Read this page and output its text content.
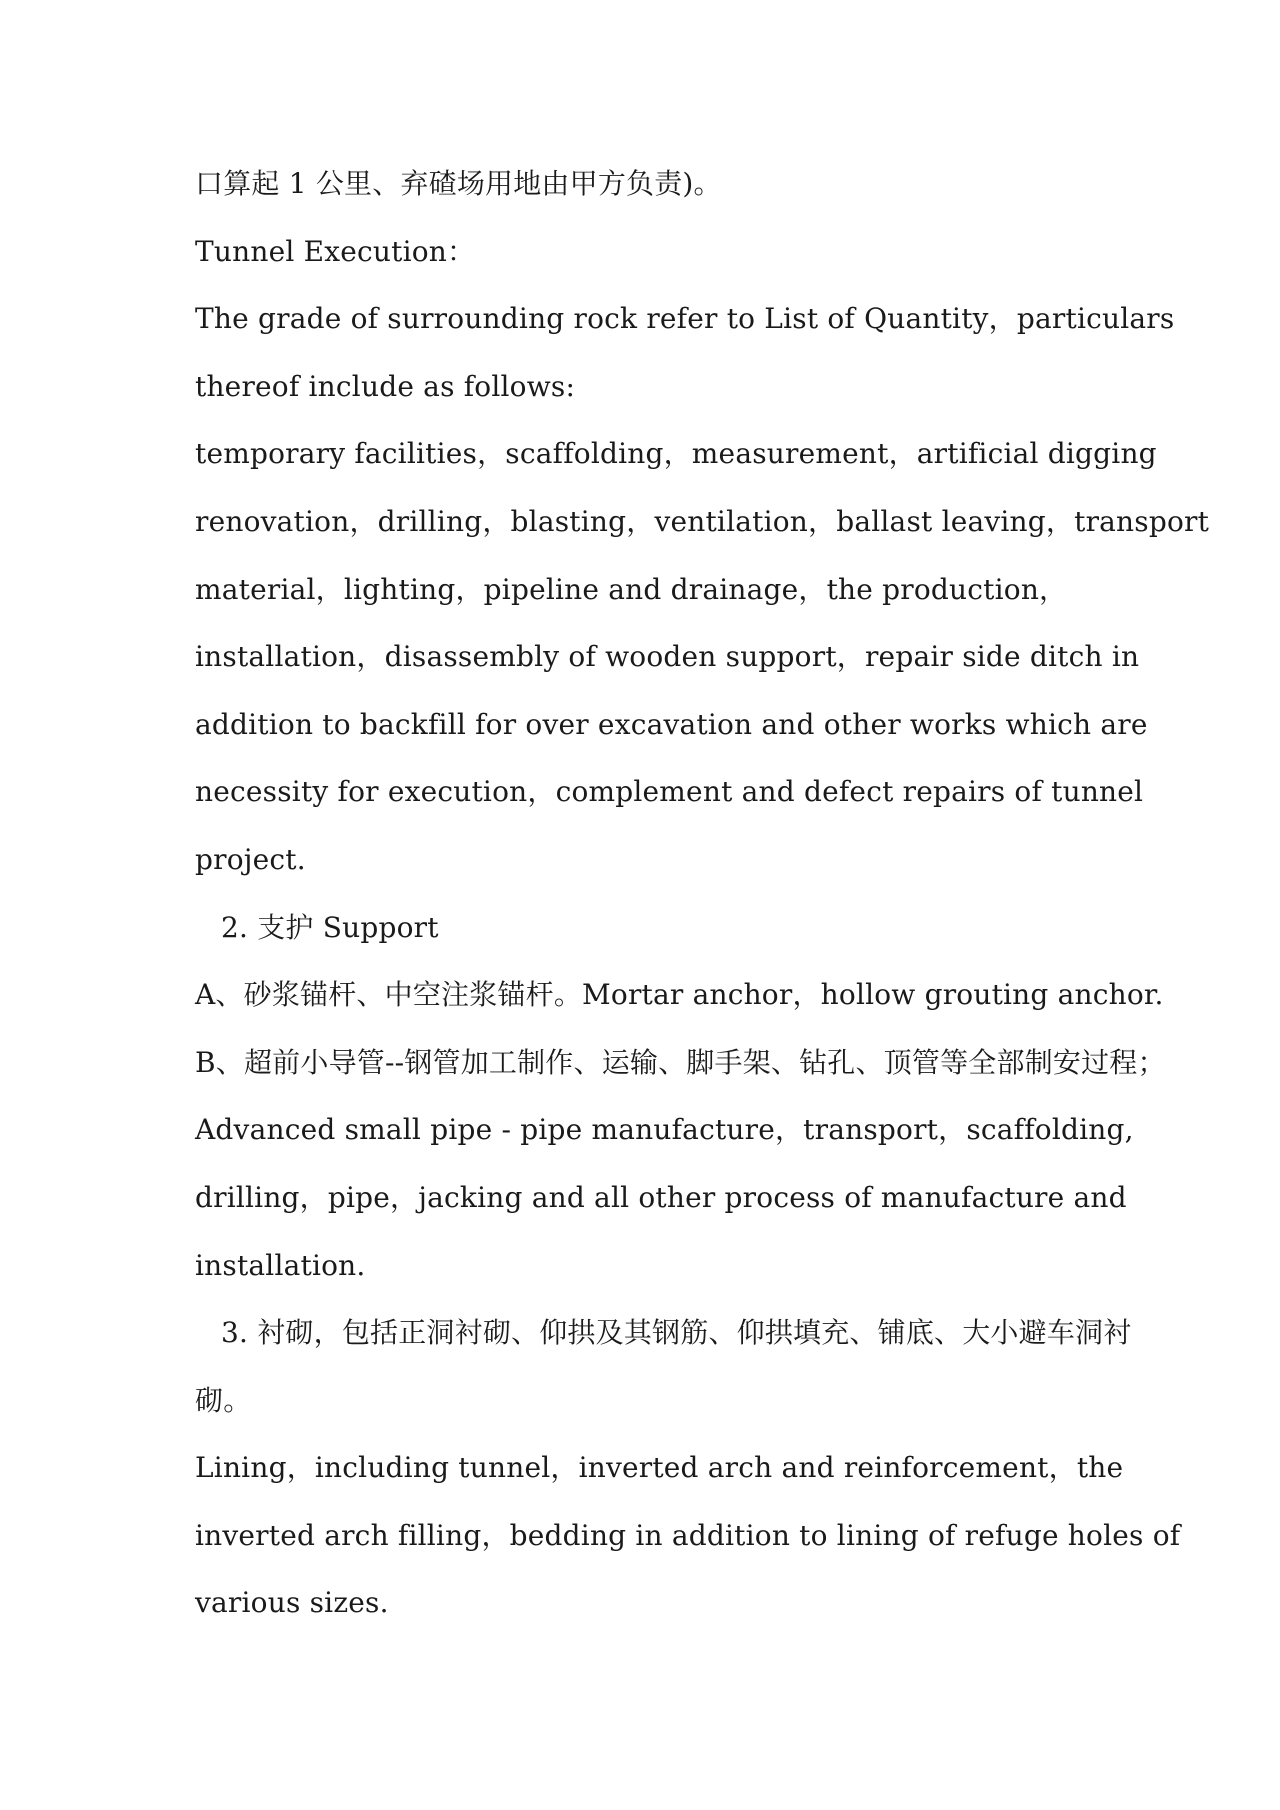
口算起 1 公里、弃碴场用地由甲方负责)。
Tunnel Execution：
The grade of surrounding rock refer to List of Quantity，particulars
thereof include as follows:
temporary facilities，scaffolding，measurement，artificial digging
renovation，drilling，blasting，ventilation，ballast leaving，transport
material，lighting，pipeline and drainage，the production，
installation，disassembly of wooden support，repair side ditch in
addition to backfill for over excavation and other works which are
necessity for execution，complement and defect repairs of tunnel
project.
2. 支护 Support
A、砂浆锚杆、中空注浆锚杆。Mortar anchor，hollow grouting anchor.
B、超前小导管--钢管加工制作、运输、脚手架、钻孔、顶管等全部制安过程；
Advanced small pipe - pipe manufacture，transport，scaffolding,
drilling，pipe，jacking and all other process of manufacture and
installation.
3. 衬砌，包括正洞衬砌、仰拱及其钢筋、仰拱填充、铺底、大小避车洞衬
砌。
Lining，including tunnel，inverted arch and reinforcement，the
inverted arch filling，bedding in addition to lining of refuge holes of
various sizes.
